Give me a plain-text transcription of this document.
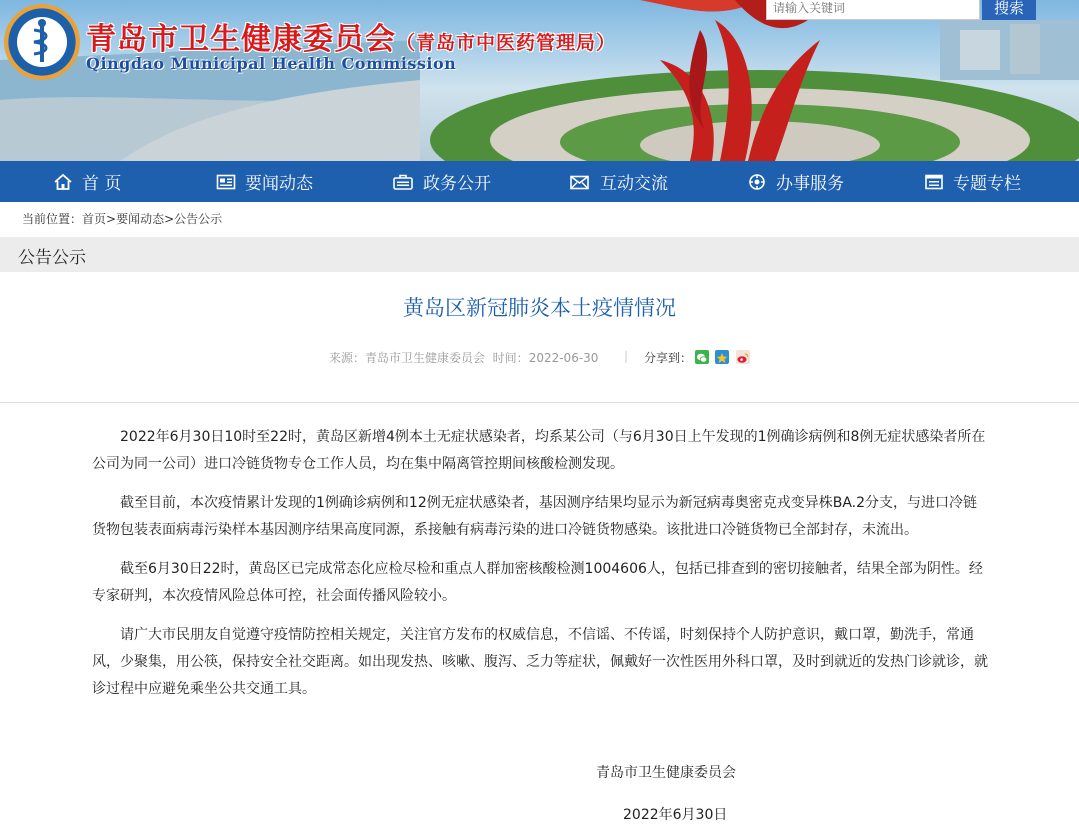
青岛市卫生健康委员会（青岛市中医药管理局）
Qingdao Municipal Health Commission
请输入关键词
搜索
首 页	要闻动态	政务公开	互动交流	办事服务	专题专栏
当前位置：首页>要闻动态>公告公示
公告公示
黄岛区新冠肺炎本土疫情情况
来源：青岛市卫生健康委员会 时间：2022-06-30 | 分享到：

2022年6月30日10时至22时，黄岛区新增4例本土无症状感染者，均系某公司（与6月30日上午发现的1例确诊病例和8例无症状感染者所在公司为同一公司）进口冷链货物专仓工作人员，均在集中隔离管控期间核酸检测发现。

截至目前，本次疫情累计发现的1例确诊病例和12例无症状感染者，基因测序结果均显示为新冠病毒奥密克戎变异株BA.2分支，与进口冷链货物包装表面病毒污染样本基因测序结果高度同源，系接触有病毒污染的进口冷链货物感染。该批进口冷链货物已全部封存，未流出。

截至6月30日22时，黄岛区已完成常态化应检尽检和重点人群加密核酸检测1004606人，包括已排查到的密切接触者，结果全部为阴性。经专家研判，本次疫情风险总体可控，社会面传播风险较小。

请广大市民朋友自觉遵守疫情防控相关规定，关注官方发布的权威信息，不信谣、不传谣，时刻保持个人防护意识，戴口罩，勤洗手，常通风，少聚集，用公筷，保持安全社交距离。如出现发热、咳嗽、腹泻、乏力等症状，佩戴好一次性医用外科口罩，及时到就近的发热门诊就诊，就诊过程中应避免乘坐公共交通工具。

青岛市卫生健康委员会
2022年6月30日
